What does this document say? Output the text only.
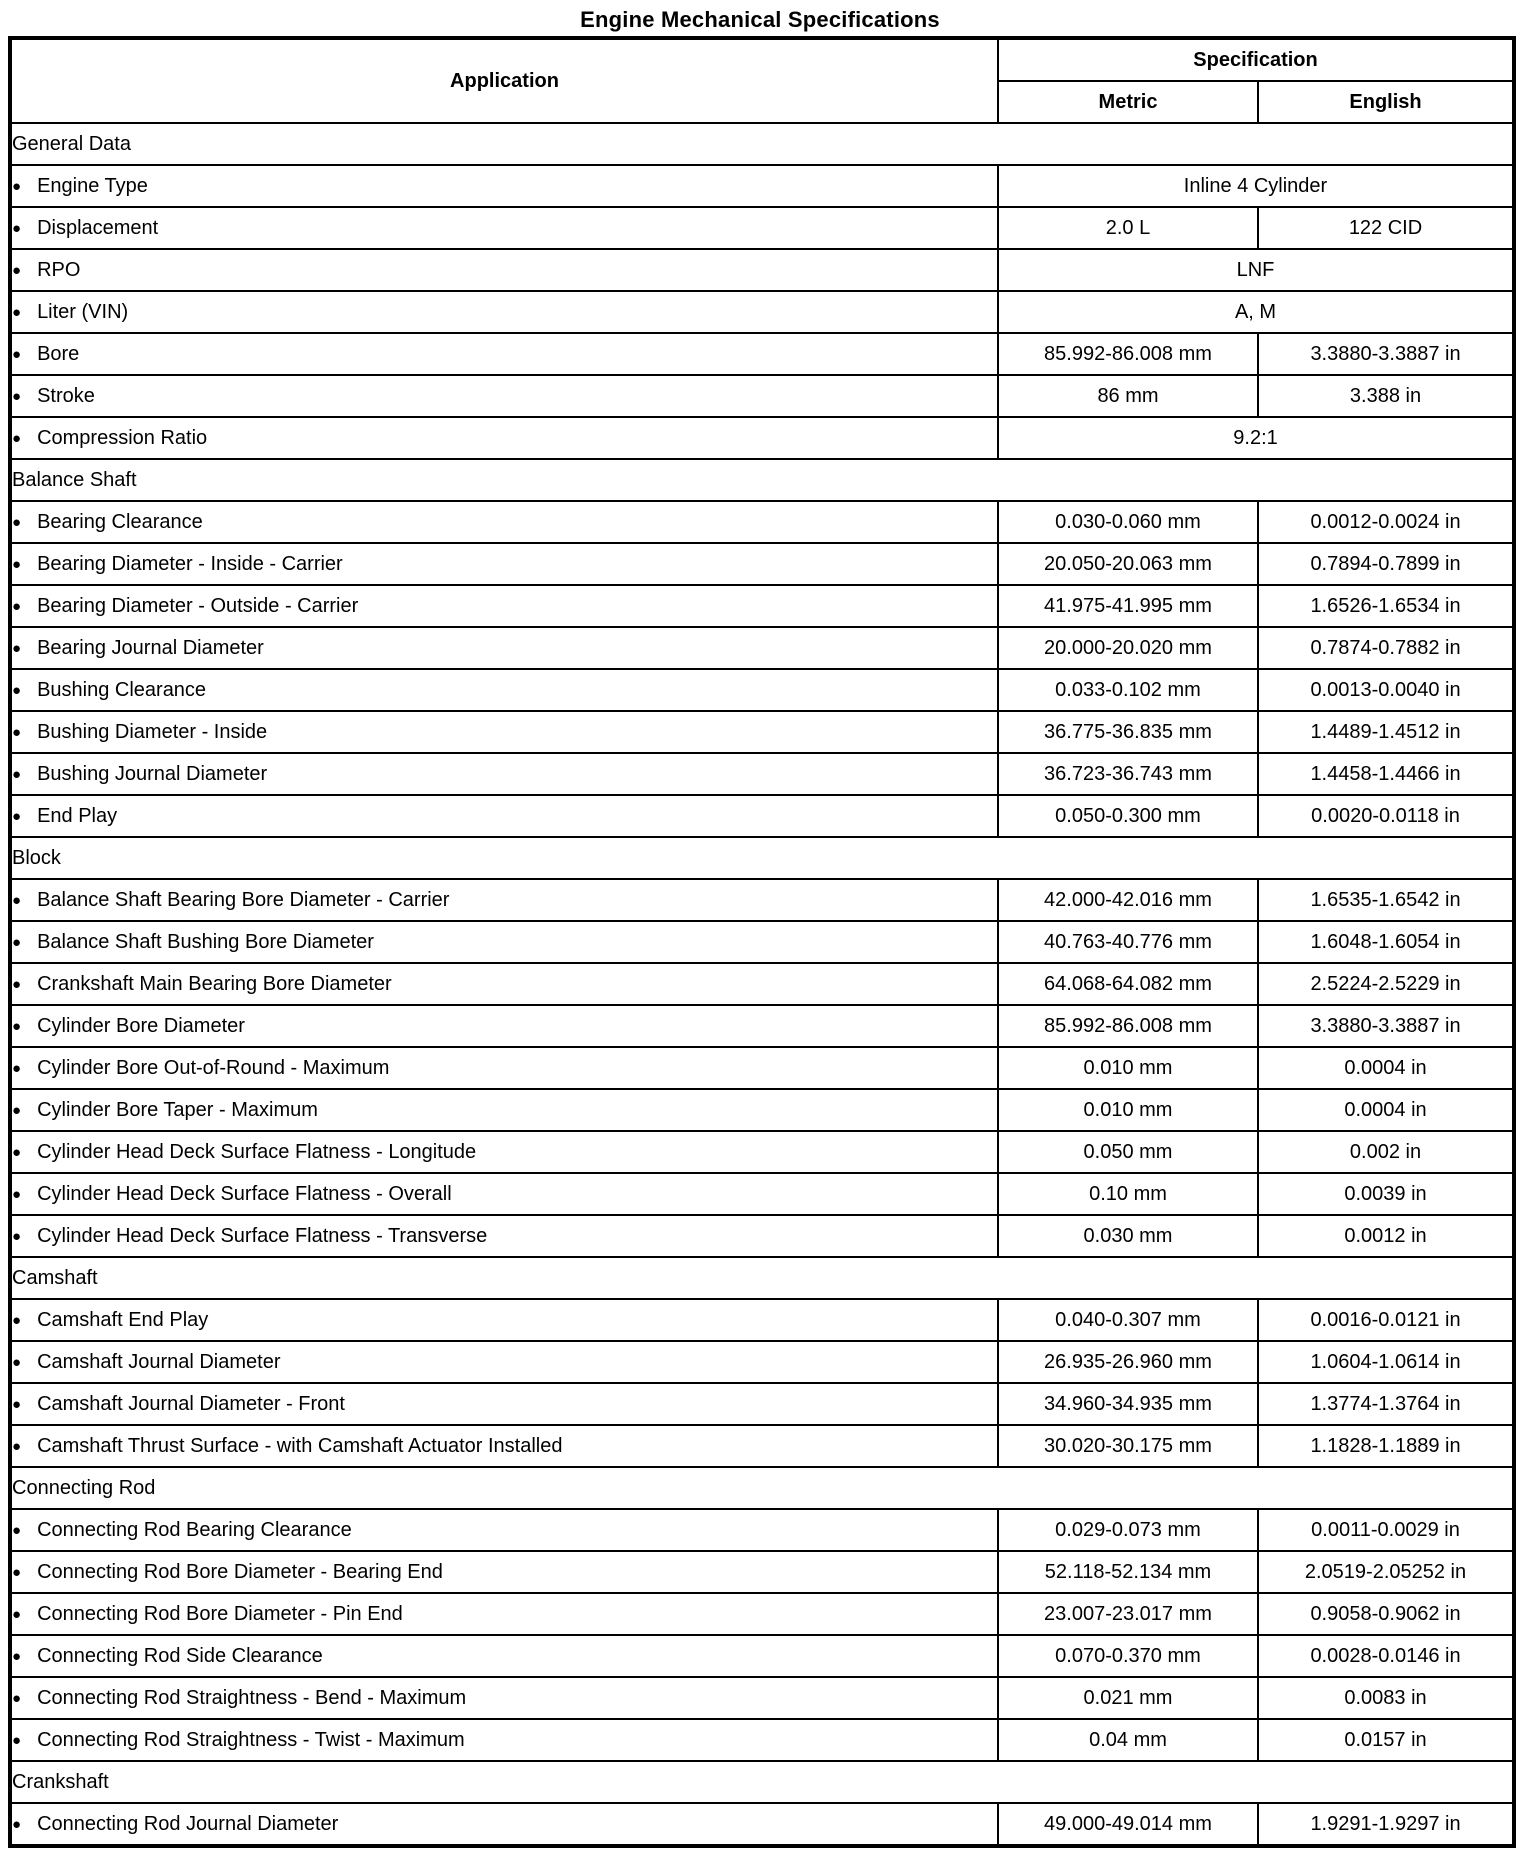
Engine Mechanical Specifications
Application	Specification	
	Metric	English
General Data		
● Engine Type	Inline 4 Cylinder	
● Displacement	2.0 L	122 CID
● RPO	LNF	
● Liter (VIN)	A, M	
● Bore	85.992-86.008 mm	3.3880-3.3887 in
● Stroke	86 mm	3.388 in
● Compression Ratio	9.2:1	
Balance Shaft		
● Bearing Clearance	0.030-0.060 mm	0.0012-0.0024 in
● Bearing Diameter - Inside - Carrier	20.050-20.063 mm	0.7894-0.7899 in
● Bearing Diameter - Outside - Carrier	41.975-41.995 mm	1.6526-1.6534 in
● Bearing Journal Diameter	20.000-20.020 mm	0.7874-0.7882 in
● Bushing Clearance	0.033-0.102 mm	0.0013-0.0040 in
● Bushing Diameter - Inside	36.775-36.835 mm	1.4489-1.4512 in
● Bushing Journal Diameter	36.723-36.743 mm	1.4458-1.4466 in
● End Play	0.050-0.300 mm	0.0020-0.0118 in
Block		
● Balance Shaft Bearing Bore Diameter - Carrier	42.000-42.016 mm	1.6535-1.6542 in
● Balance Shaft Bushing Bore Diameter	40.763-40.776 mm	1.6048-1.6054 in
● Crankshaft Main Bearing Bore Diameter	64.068-64.082 mm	2.5224-2.5229 in
● Cylinder Bore Diameter	85.992-86.008 mm	3.3880-3.3887 in
● Cylinder Bore Out-of-Round - Maximum	0.010 mm	0.0004 in
● Cylinder Bore Taper - Maximum	0.010 mm	0.0004 in
● Cylinder Head Deck Surface Flatness - Longitude	0.050 mm	0.002 in
● Cylinder Head Deck Surface Flatness - Overall	0.10 mm	0.0039 in
● Cylinder Head Deck Surface Flatness - Transverse	0.030 mm	0.0012 in
Camshaft		
● Camshaft End Play	0.040-0.307 mm	0.0016-0.0121 in
● Camshaft Journal Diameter	26.935-26.960 mm	1.0604-1.0614 in
● Camshaft Journal Diameter - Front	34.960-34.935 mm	1.3774-1.3764 in
● Camshaft Thrust Surface - with Camshaft Actuator Installed	30.020-30.175 mm	1.1828-1.1889 in
Connecting Rod		
● Connecting Rod Bearing Clearance	0.029-0.073 mm	0.0011-0.0029 in
● Connecting Rod Bore Diameter - Bearing End	52.118-52.134 mm	2.0519-2.05252 in
● Connecting Rod Bore Diameter - Pin End	23.007-23.017 mm	0.9058-0.9062 in
● Connecting Rod Side Clearance	0.070-0.370 mm	0.0028-0.0146 in
● Connecting Rod Straightness - Bend - Maximum	0.021 mm	0.0083 in
● Connecting Rod Straightness - Twist - Maximum	0.04 mm	0.0157 in
Crankshaft		
● Connecting Rod Journal Diameter	49.000-49.014 mm	1.9291-1.9297 in
